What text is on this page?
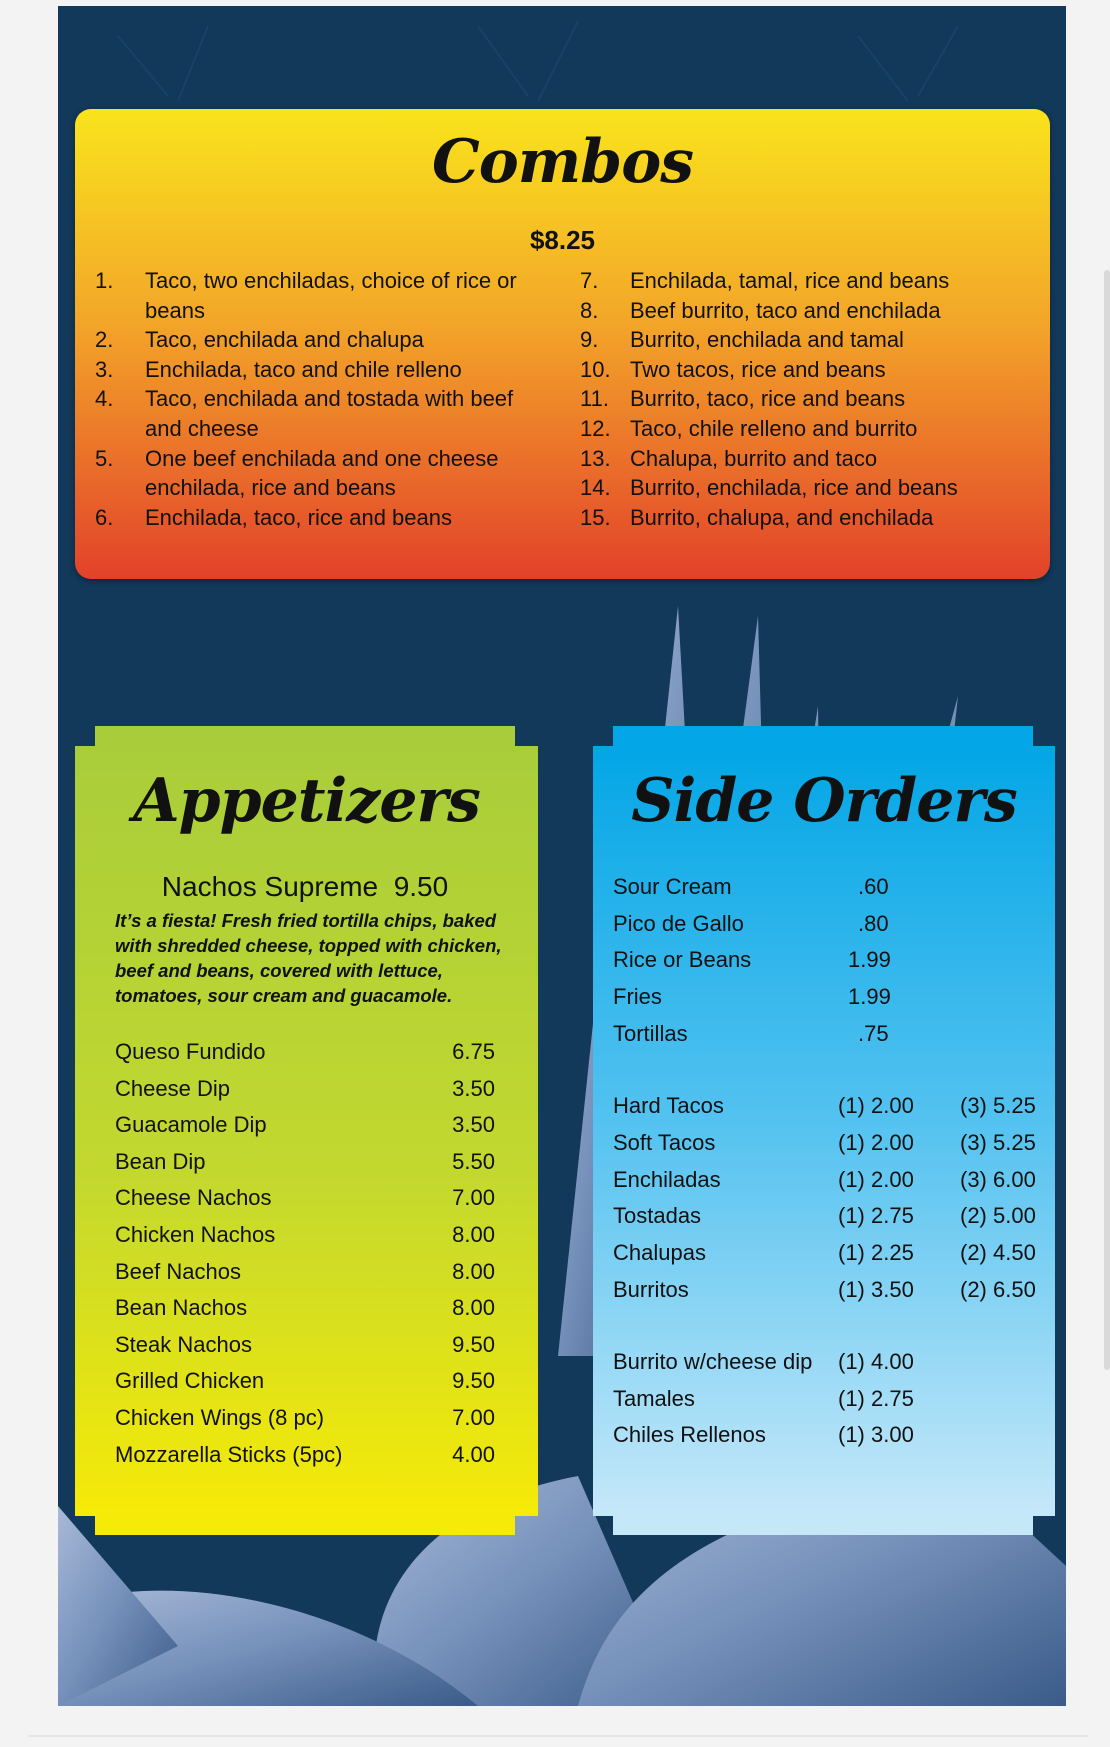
Combos
$8.25
1.	Taco, two enchiladas, choice of rice or beans
2.	Taco, enchilada and chalupa
3.	Enchilada, taco and chile relleno
4.	Taco, enchilada and tostada with beef and cheese
5.	One beef enchilada and one cheese enchilada, rice and beans
6.	Enchilada, taco, rice and beans
7.	Enchilada, tamal, rice and beans
8.	Beef burrito, taco and enchilada
9.	Burrito, enchilada and tamal
10. Two tacos, rice and beans
11. Burrito, taco, rice and beans
12. Taco, chile relleno and burrito
13. Chalupa, burrito and taco
14. Burrito, enchilada, rice and beans
15. Burrito, chalupa, and enchilada
Appetizers
Nachos Supreme 9.50
It’s a fiesta! Fresh fried tortilla chips, baked with shredded cheese, topped with chicken, beef and beans, covered with lettuce, tomatoes, sour cream and guacamole.
Queso Fundido	6.75
Cheese Dip	3.50
Guacamole Dip	3.50
Bean Dip	5.50
Cheese Nachos	7.00
Chicken Nachos	8.00
Beef Nachos	8.00
Bean Nachos	8.00
Steak Nachos	9.50
Grilled Chicken	9.50
Chicken Wings (8 pc)	7.00
Mozzarella Sticks (5pc)	4.00
Side Orders
Sour Cream	.60
Pico de Gallo	.80
Rice or Beans	1.99
Fries	1.99
Tortillas	.75
Hard Tacos	(1) 2.00 (3) 5.25
Soft Tacos	(1) 2.00 (3) 5.25
Enchiladas	(1) 2.00 (3) 6.00
Tostadas	(1) 2.75 (2) 5.00
Chalupas	(1) 2.25 (2) 4.50
Burritos	(1) 3.50 (2) 6.50
Burrito w/cheese dip (1) 4.00
Tamales	(1) 2.75
Chiles Rellenos	(1) 3.00
